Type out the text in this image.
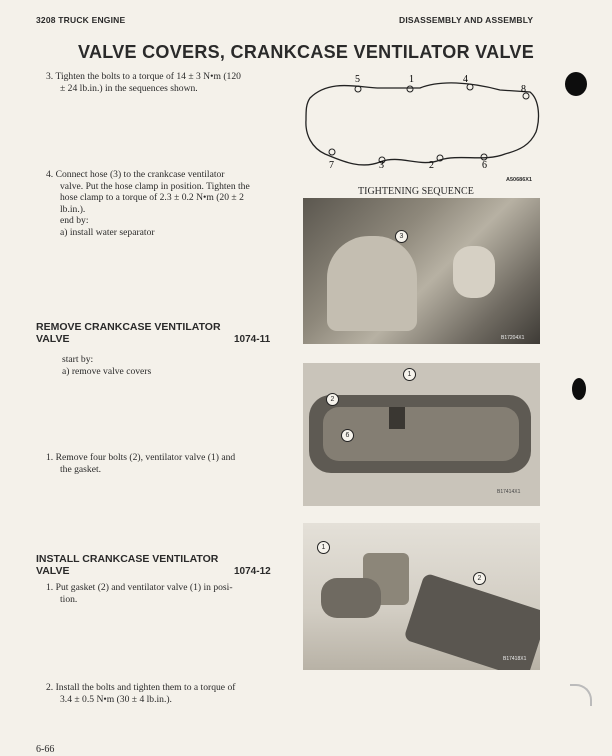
3208 TRUCK ENGINE	DISASSEMBLY AND ASSEMBLY
VALVE COVERS, CRANKCASE VENTILATOR VALVE
3. Tighten the bolts to a torque of 14 ± 3 N•m (120
± 24 lb.in.) in the sequences shown.
4. Connect hose (3) to the crankcase ventilator
valve. Put the hose clamp in position. Tighten the
hose clamp to a torque of 2.3 ± 0.2 N•m (20 ± 2
lb.in.).
end by:
a) install water separator
REMOVE CRANKCASE VENTILATOR
VALVE	1074-11
start by:
a) remove valve covers
1. Remove four bolts (2), ventilator valve (1) and
the gasket.
INSTALL CRANKCASE VENTILATOR
VALVE	1074-12
1. Put gasket (2) and ventilator valve (1) in posi-
tion.
2. Install the bolts and tighten them to a torque of
3.4 ± 0.5 N•m (30 ± 4 lb.in.).
5	1	4
8
7	3	2	6
A50686X1
TIGHTENING SEQUENCE
3
B17204X1
1
2
6
B17414X1
1
2
B17418X1
6-66
